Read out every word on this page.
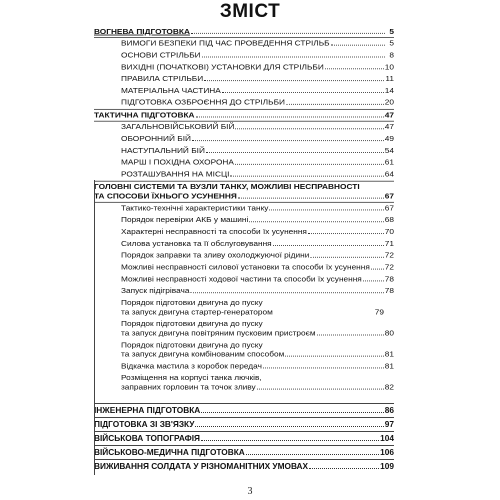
ЗМІСТ
ВОГНЕВА ПІДГОТОВКА	5
ВИМОГИ БЕЗПЕКИ ПІД ЧАС ПРОВЕДЕННЯ СТРІЛЬБ	5
ОСНОВИ СТРІЛЬБИ	8
ВИХІДНІ (ПОЧАТКОВІ) УСТАНОВКИ ДЛЯ СТРІЛЬБИ	10
ПРАВИЛА СТРІЛЬБИ	11
МАТЕРІАЛЬНА ЧАСТИНА	14
ПІДГОТОВКА ОЗБРОЄННЯ ДО СТРІЛЬБИ	20
ТАКТИЧНА ПІДГОТОВКА	47
ЗАГАЛЬНОВІЙСЬКОВИЙ БІЙ	47
ОБОРОННИЙ БІЙ	49
НАСТУПАЛЬНИЙ БІЙ	54
МАРШ І ПОХІДНА ОХОРОНА	61
РОЗТАШУВАННЯ НА МІСЦІ	64
ГОЛОВНІ СИСТЕМИ ТА ВУЗЛИ ТАНКУ, МОЖЛИВІ НЕСПРАВНОСТІ
ТА СПОСОБИ ЇХНЬОГО УСУНЕННЯ	67
Тактико-технічні характеристики танку	67
Порядок перевірки АКБ у машині	68
Характерні несправності та способи їх усунення	70
Силова установка та її обслуговування	71
Порядок заправки та зливу охолоджуючої рідини	72
Можливі несправності силової установки та способи їх усунення 72
Можливі несправності ходової частини та способи їх усунення	78
Запуск підігрівача	78
Порядок підготовки двигуна до пуску
та запуск двигуна стартер-генератором	79
Порядок підготовки двигуна до пуску
та запуск двигуна повітряним пусковим пристроєм	80
Порядок підготовки двигуна до пуску
та запуск двигуна комбінованим способом	81
Відкачка мастила з коробок передач	81
Розміщення на корпусі танка лючків,
заправних горловин та точок зливу	82
ІНЖЕНЕРНА ПІДГОТОВКА	86
3
ПІДГОТОВКА ЗІ ЗВ'ЯЗКУ	97
ВІЙСЬКОВА ТОПОГРАФІЯ	104
ВІЙСЬКОВО-МЕДИЧНА ПІДГОТОВКА	106
ВИЖИВАННЯ СОЛДАТА У РІЗНОМАНІТНИХ УМОВАХ	109
